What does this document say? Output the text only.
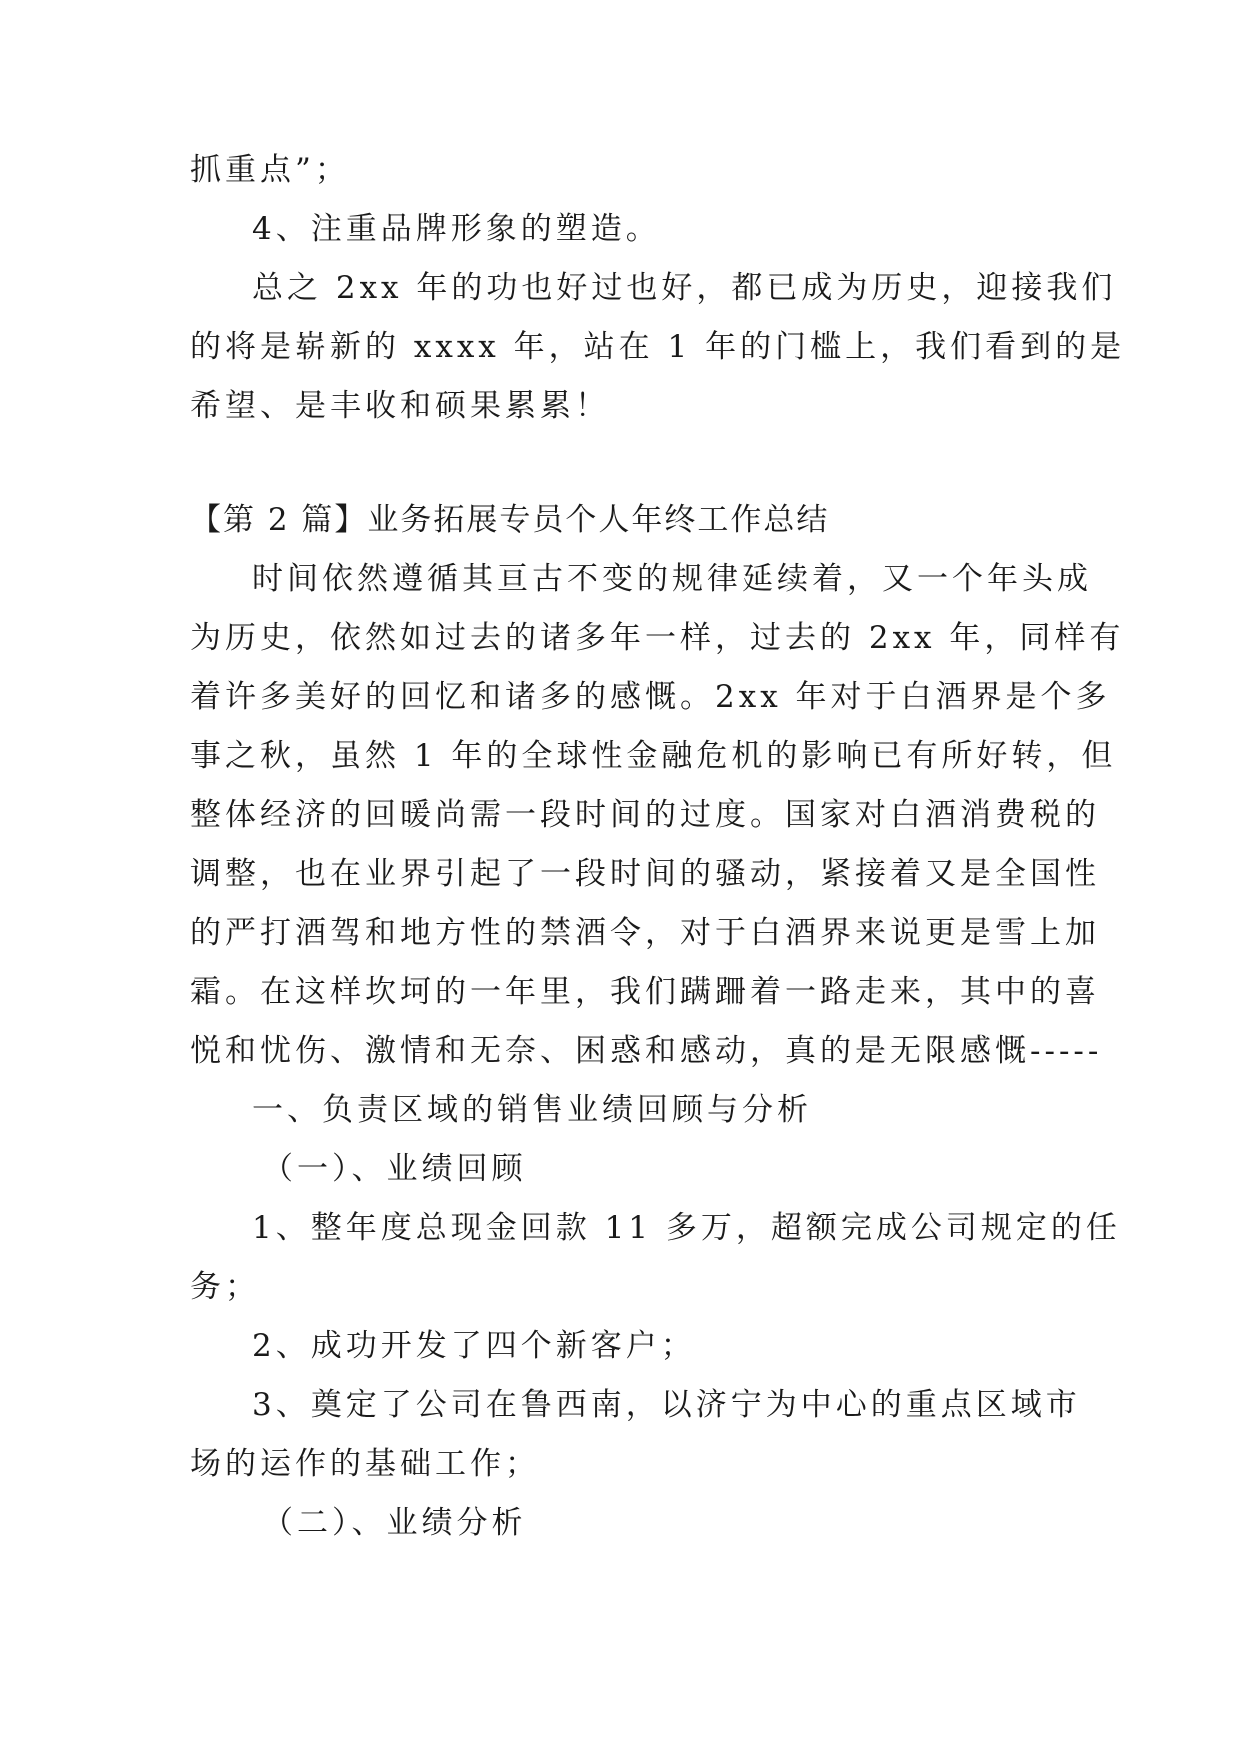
抓重点”；
4、注重品牌形象的塑造。
总之 2xx 年的功也好过也好，都已成为历史，迎接我们
的将是崭新的 xxxx 年，站在 1 年的门槛上，我们看到的是
希望、是丰收和硕果累累！
【第 2 篇】业务拓展专员个人年终工作总结
时间依然遵循其亘古不变的规律延续着，又一个年头成
为历史，依然如过去的诸多年一样，过去的 2xx 年，同样有
着许多美好的回忆和诸多的感慨。2xx 年对于白酒界是个多
事之秋，虽然 1 年的全球性金融危机的影响已有所好转，但
整体经济的回暖尚需一段时间的过度。国家对白酒消费税的
调整，也在业界引起了一段时间的骚动，紧接着又是全国性
的严打酒驾和地方性的禁酒令，对于白酒界来说更是雪上加
霜。在这样坎坷的一年里，我们蹒跚着一路走来，其中的喜
悦和忧伤、激情和无奈、困惑和感动，真的是无限感慨-----
一、负责区域的销售业绩回顾与分析
（一）、业绩回顾
1、整年度总现金回款 11 多万，超额完成公司规定的任
务；
2、成功开发了四个新客户；
3、奠定了公司在鲁西南，以济宁为中心的重点区域市
场的运作的基础工作；
（二）、业绩分析
